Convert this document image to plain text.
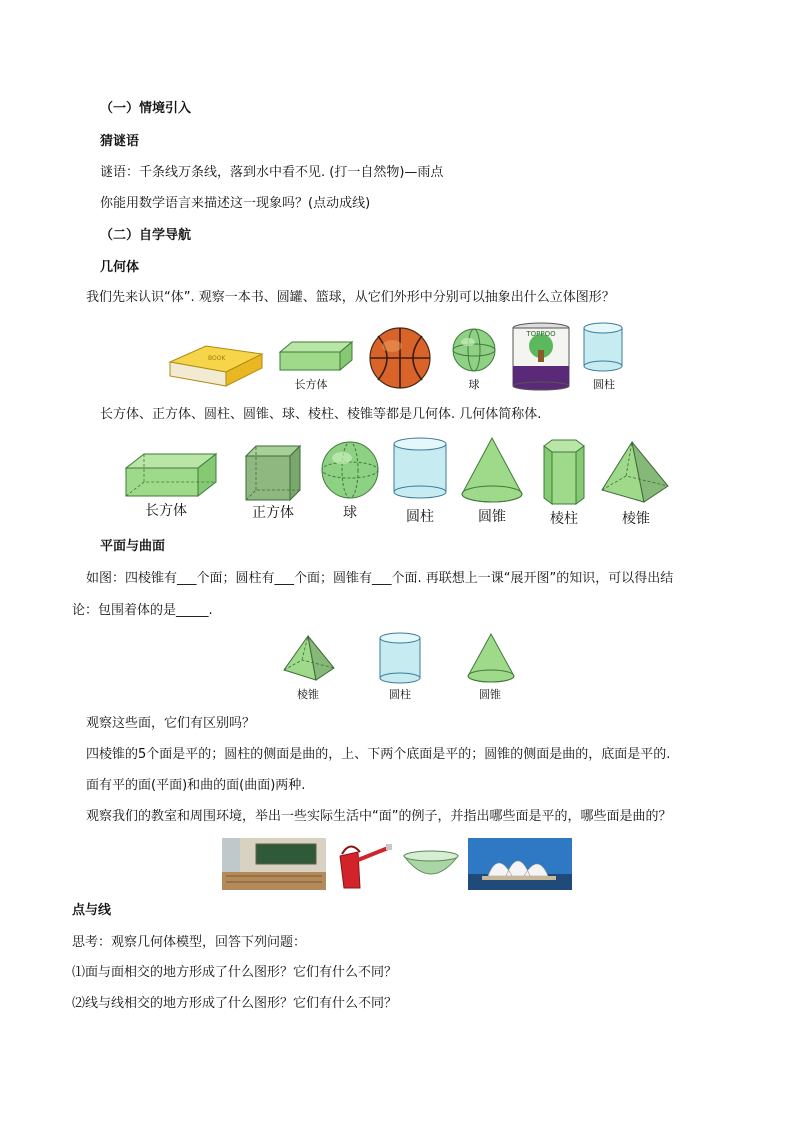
（一）情境引入
猜谜语
谜语：千条线万条线，落到水中看不见. (打一自然物)—雨点
你能用数学语言来描述这一现象吗？(点动成线)
（二）自学导航
几何体
我们先来认识“体”. 观察一本书、圆罐、篮球，从它们外形中分别可以抽象出什么立体图形？
BOOK
长方体	球
TOPPOO
圆柱
长方体、正方体、圆柱、圆锥、球、棱柱、棱锥等都是几何体. 几何体简称体.
长方体	正方体	球	圆柱	圆锥	棱柱	棱锥
平面与曲面
如图：四棱锥有___个面；圆柱有___个面；圆锥有___个面. 再联想上一课“展开图”的知识，可以得出结
论：包围着体的是_____.
棱锥	圆柱	圆锥
观察这些面，它们有区别吗？
四棱锥的5个面是平的；圆柱的侧面是曲的，上、下两个底面是平的；圆锥的侧面是曲的，底面是平的.
面有平的面(平面)和曲的面(曲面)两种.
观察我们的教室和周围环境，举出一些实际生活中“面”的例子，并指出哪些面是平的，哪些面是曲的？
点与线
思考：观察几何体模型，回答下列问题：
⑴面与面相交的地方形成了什么图形？它们有什么不同？
⑵线与线相交的地方形成了什么图形？它们有什么不同？
